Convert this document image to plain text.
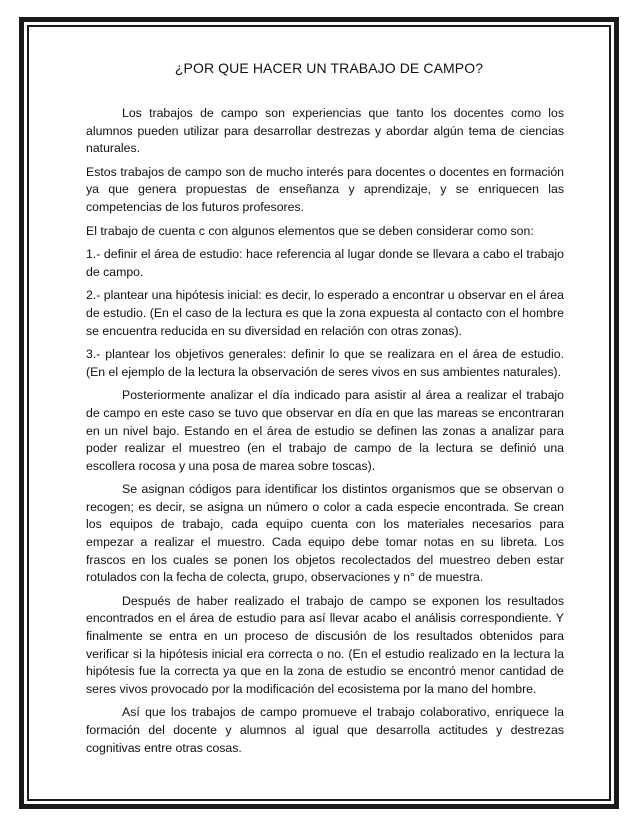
¿POR QUE HACER UN TRABAJO DE CAMPO?

Los trabajos de campo son experiencias que tanto los docentes como los alumnos pueden utilizar para desarrollar destrezas y abordar algún tema de ciencias naturales.

Estos trabajos de campo son de mucho interés para docentes o docentes en formación ya que genera propuestas de enseñanza y aprendizaje, y se enriquecen las competencias de los futuros profesores.

El trabajo de cuenta c con algunos elementos que se deben considerar como son:

1.- definir el área de estudio: hace referencia al lugar donde se llevara a cabo el trabajo de campo.

2.- plantear una hipótesis inicial: es decir, lo esperado a encontrar u observar en el área de estudio. (En el caso de la lectura es que la zona expuesta al contacto con el hombre se encuentra reducida en su diversidad en relación con otras zonas).

3.- plantear los objetivos generales: definir lo que se realizara en el área de estudio. (En el ejemplo de la lectura la observación de seres vivos en sus ambientes naturales).

Posteriormente analizar el día indicado para asistir al área a realizar el trabajo de campo en este caso se tuvo que observar en día en que las mareas se encontraran en un nivel bajo. Estando en el área de estudio se definen las zonas a analizar para poder realizar el muestreo (en el trabajo de campo de la lectura se definió una escollera rocosa y una posa de marea sobre toscas).

Se asignan códigos para identificar los distintos organismos que se observan o recogen; es decir, se asigna un número o color a cada especie encontrada. Se crean los equipos de trabajo, cada equipo cuenta con los materiales necesarios para empezar a realizar el muestro. Cada equipo debe tomar notas en su libreta. Los frascos en los cuales se ponen los objetos recolectados del muestreo deben estar rotulados con la fecha de colecta, grupo, observaciones y n° de muestra.

Después de haber realizado el trabajo de campo se exponen los resultados encontrados en el área de estudio para así llevar acabo el análisis correspondiente. Y finalmente se entra en un proceso de discusión de los resultados obtenidos para verificar si la hipótesis inicial era correcta o no. (En el estudio realizado en la lectura la hipótesis fue la correcta ya que en la zona de estudio se encontró menor cantidad de seres vivos provocado por la modificación del ecosistema por la mano del hombre.

Así que los trabajos de campo promueve el trabajo colaborativo, enriquece la formación del docente y alumnos al igual que desarrolla actitudes y destrezas cognitivas entre otras cosas.
